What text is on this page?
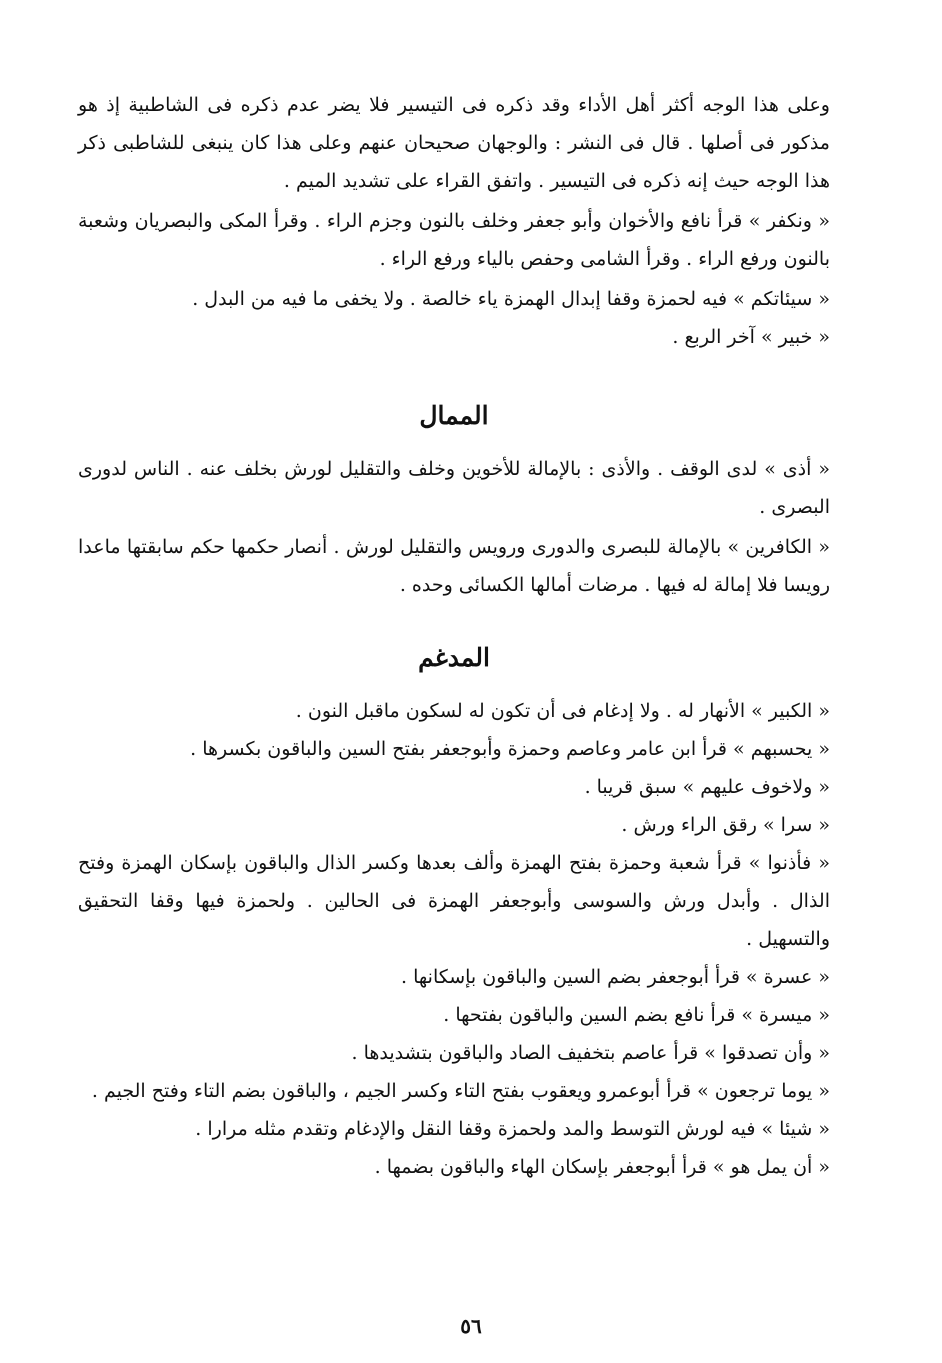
وعلى هذا الوجه أكثر أهل الأداء وقد ذكره فى التيسير فلا يضر عدم ذكره فى الشاطبية إذ هو مذكور فى أصلها . قال فى النشر : والوجهان صحيحان عنهم وعلى هذا كان ينبغى للشاطبى ذكر هذا الوجه حيث إنه ذكره فى التيسير . واتفق القراء على تشديد الميم .

« ونكفر » قرأ نافع والأخوان وأبو جعفر وخلف بالنون وجزم الراء . وقرأ المكى والبصريان وشعبة بالنون ورفع الراء . وقرأ الشامى وحفص بالياء ورفع الراء .

« سيئاتكم » فيه لحمزة وقفا إبدال الهمزة ياء خالصة . ولا يخفى ما فيه من البدل .

« خبير » آخر الربع .

الممال

« أذى » لدى الوقف . والأذى : بالإمالة للأخوين وخلف والتقليل لورش بخلف عنه . الناس لدورى البصرى .

« الكافرين » بالإمالة للبصرى والدورى ورويس والتقليل لورش . أنصار حكمها حكم سابقتها ماعدا رويسا فلا إمالة له فيها . مرضات أمالها الكسائى وحده .

المدغم

« الكبير » الأنهار له . ولا إدغام فى أن تكون له لسكون ماقبل النون .

« يحسبهم » قرأ ابن عامر وعاصم وحمزة وأبوجعفر بفتح السين والباقون بكسرها .

« ولاخوف عليهم » سبق قريبا .

« سرا » رقق الراء ورش .

« فأذنوا » قرأ شعبة وحمزة بفتح الهمزة وألف بعدها وكسر الذال والباقون بإسكان الهمزة وفتح الذال . وأبدل ورش والسوسى وأبوجعفر الهمزة فى الحالين . ولحمزة فيها وقفا التحقيق والتسهيل .

« عسرة » قرأ أبوجعفر بضم السين والباقون بإسكانها .

« ميسرة » قرأ نافع بضم السين والباقون بفتحها .

« وأن تصدقوا » قرأ عاصم بتخفيف الصاد والباقون بتشديدها .

« يوما ترجعون » قرأ أبوعمرو ويعقوب بفتح التاء وكسر الجيم ، والباقون بضم التاء وفتح الجيم .

« شيئا » فيه لورش التوسط والمد ولحمزة وقفا النقل والإدغام وتقدم مثله مرارا .

« أن يمل هو » قرأ أبوجعفر بإسكان الهاء والباقون بضمها .

٥٦
